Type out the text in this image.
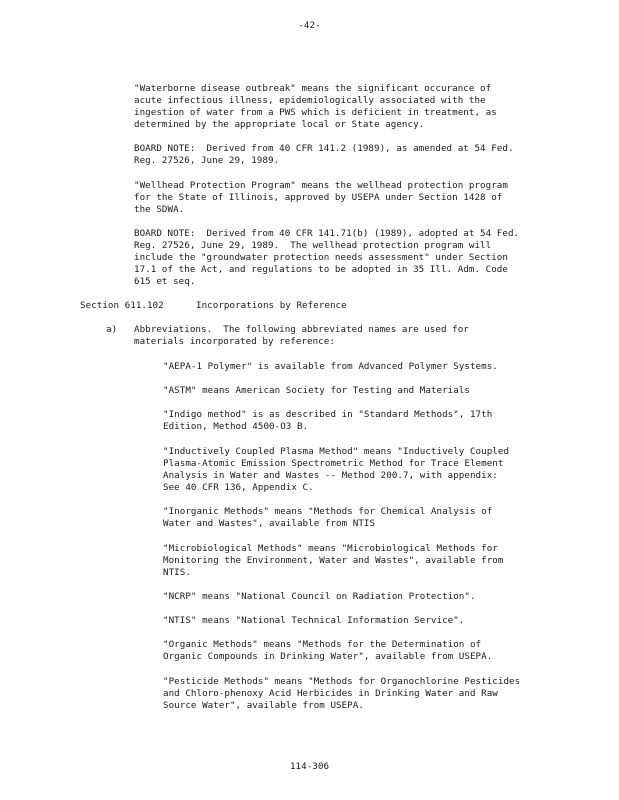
-42-
"Waterborne disease outbreak" means the significant occurance of
acute infectious illness, epidemiologically associated with the
ingestion of water from a PWS which is deficient in treatment, as
determined by the appropriate local or State agency.
BOARD NOTE:  Derived from 40 CFR 141.2 (1989), as amended at 54 Fed.
Reg. 27526, June 29, 1989.
"Wellhead Protection Program" means the wellhead protection program
for the State of Illinois, approved by USEPA under Section 1428 of
the SDWA.
BOARD NOTE:  Derived from 40 CFR 141.71(b) (1989), adopted at 54 Fed.
Reg. 27526, June 29, 1989.  The wellhead protection program will
include the "groundwater protection needs assessment" under Section
17.1 of the Act, and regulations to be adopted in 35 Ill. Adm. Code
615 et seq.
Section 611.102	Incorporations by Reference
a) Abbreviations.  The following abbreviated names are used for
materials incorporated by reference:
"AEPA-1 Polymer" is available from Advanced Polymer Systems.
"ASTM" means American Society for Testing and Materials
"Indigo method" is as described in "Standard Methods", 17th
Edition, Method 4500-O3 B.
"Inductively Coupled Plasma Method" means "Inductively Coupled
Plasma-Atomic Emission Spectrometric Method for Trace Element
Analysis in Water and Wastes -- Method 200.7, with appendix:
See 40 CFR 136, Appendix C.
"Inorganic Methods" means "Methods for Chemical Analysis of
Water and Wastes", available from NTIS
"Microbiological Methods" means "Microbiological Methods for
Monitoring the Environment, Water and Wastes", available from
NTIS.
"NCRP" means "National Council on Radiation Protection".
"NTIS" means "National Technical Information Service".
"Organic Methods" means "Methods for the Determination of
Organic Compounds in Drinking Water", available from USEPA.
"Pesticide Methods" means "Methods for Organochlorine Pesticides
and Chloro-phenoxy Acid Herbicides in Drinking Water and Raw
Source Water", available from USEPA.
114-306
